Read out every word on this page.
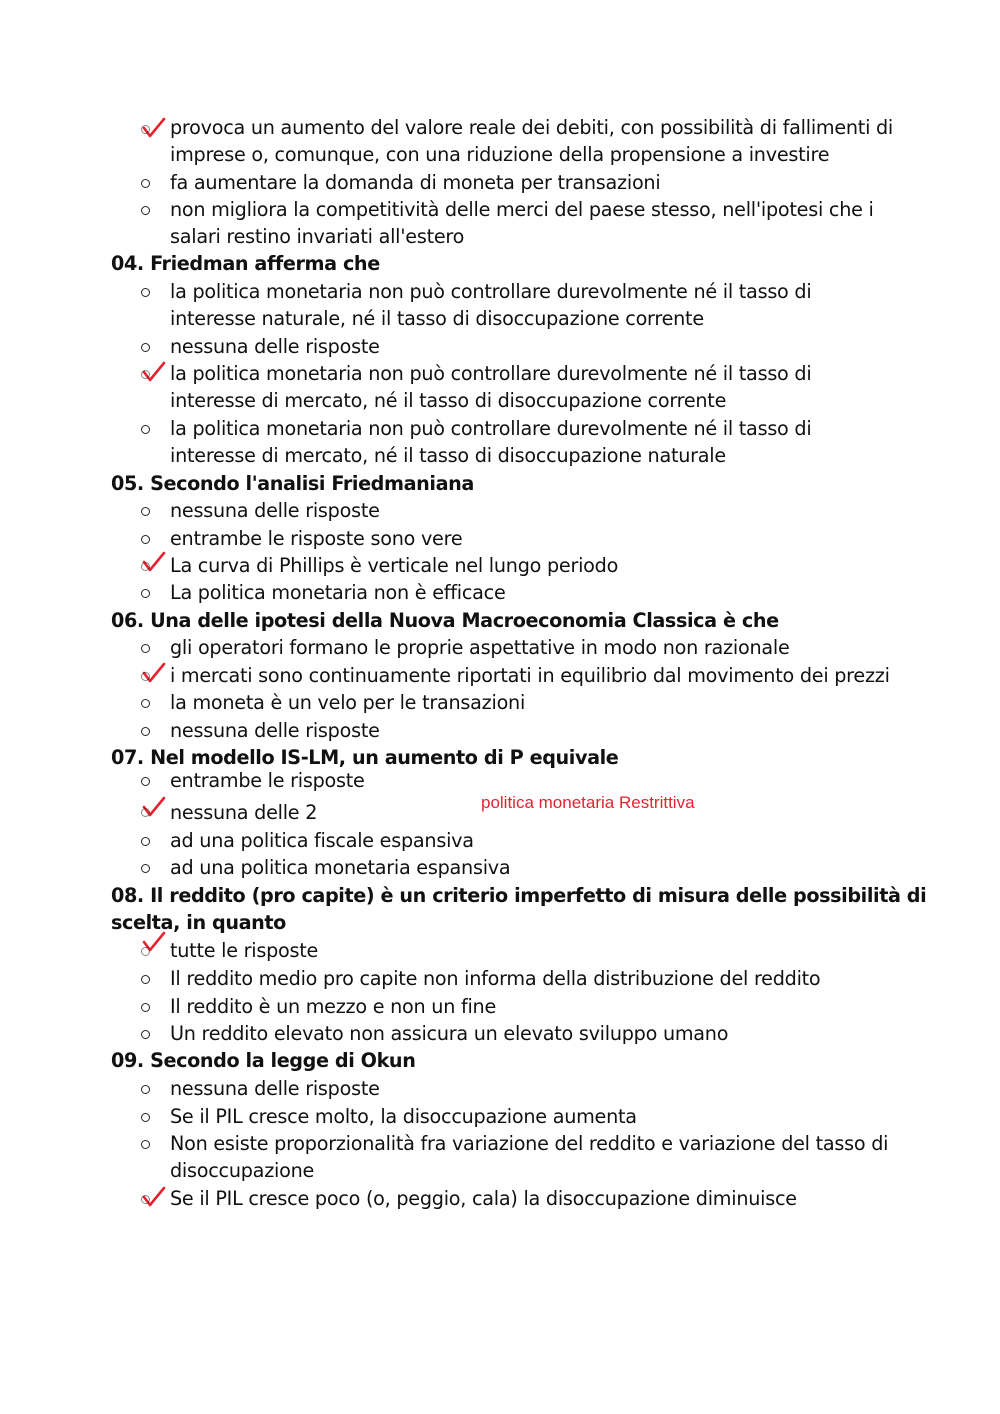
provoca un aumento del valore reale dei debiti, con possibilità di fallimenti di
imprese o, comunque, con una riduzione della propensione a investire
fa aumentare la domanda di moneta per transazioni
non migliora la competitività delle merci del paese stesso, nell'ipotesi che i
salari restino invariati all'estero
04. Friedman afferma che
la politica monetaria non può controllare durevolmente né il tasso di
interesse naturale, né il tasso di disoccupazione corrente
nessuna delle risposte
la politica monetaria non può controllare durevolmente né il tasso di
interesse di mercato, né il tasso di disoccupazione corrente
la politica monetaria non può controllare durevolmente né il tasso di
interesse di mercato, né il tasso di disoccupazione naturale
05. Secondo l'analisi Friedmaniana
nessuna delle risposte
entrambe le risposte sono vere
La curva di Phillips è verticale nel lungo periodo
La politica monetaria non è efficace
06. Una delle ipotesi della Nuova Macroeconomia Classica è che
gli operatori formano le proprie aspettative in modo non razionale
i mercati sono continuamente riportati in equilibrio dal movimento dei prezzi
la moneta è un velo per le transazioni
nessuna delle risposte
07. Nel modello IS-LM, un aumento di P equivale
entrambe le risposte
nessuna delle 2	politica monetaria Restrittiva
ad una politica fiscale espansiva
ad una politica monetaria espansiva
08. Il reddito (pro capite) è un criterio imperfetto di misura delle possibilità di
scelta, in quanto
tutte le risposte
Il reddito medio pro capite non informa della distribuzione del reddito
Il reddito è un mezzo e non un fine
Un reddito elevato non assicura un elevato sviluppo umano
09. Secondo la legge di Okun
nessuna delle risposte
Se il PIL cresce molto, la disoccupazione aumenta
Non esiste proporzionalità fra variazione del reddito e variazione del tasso di
disoccupazione
Se il PIL cresce poco (o, peggio, cala) la disoccupazione diminuisce
